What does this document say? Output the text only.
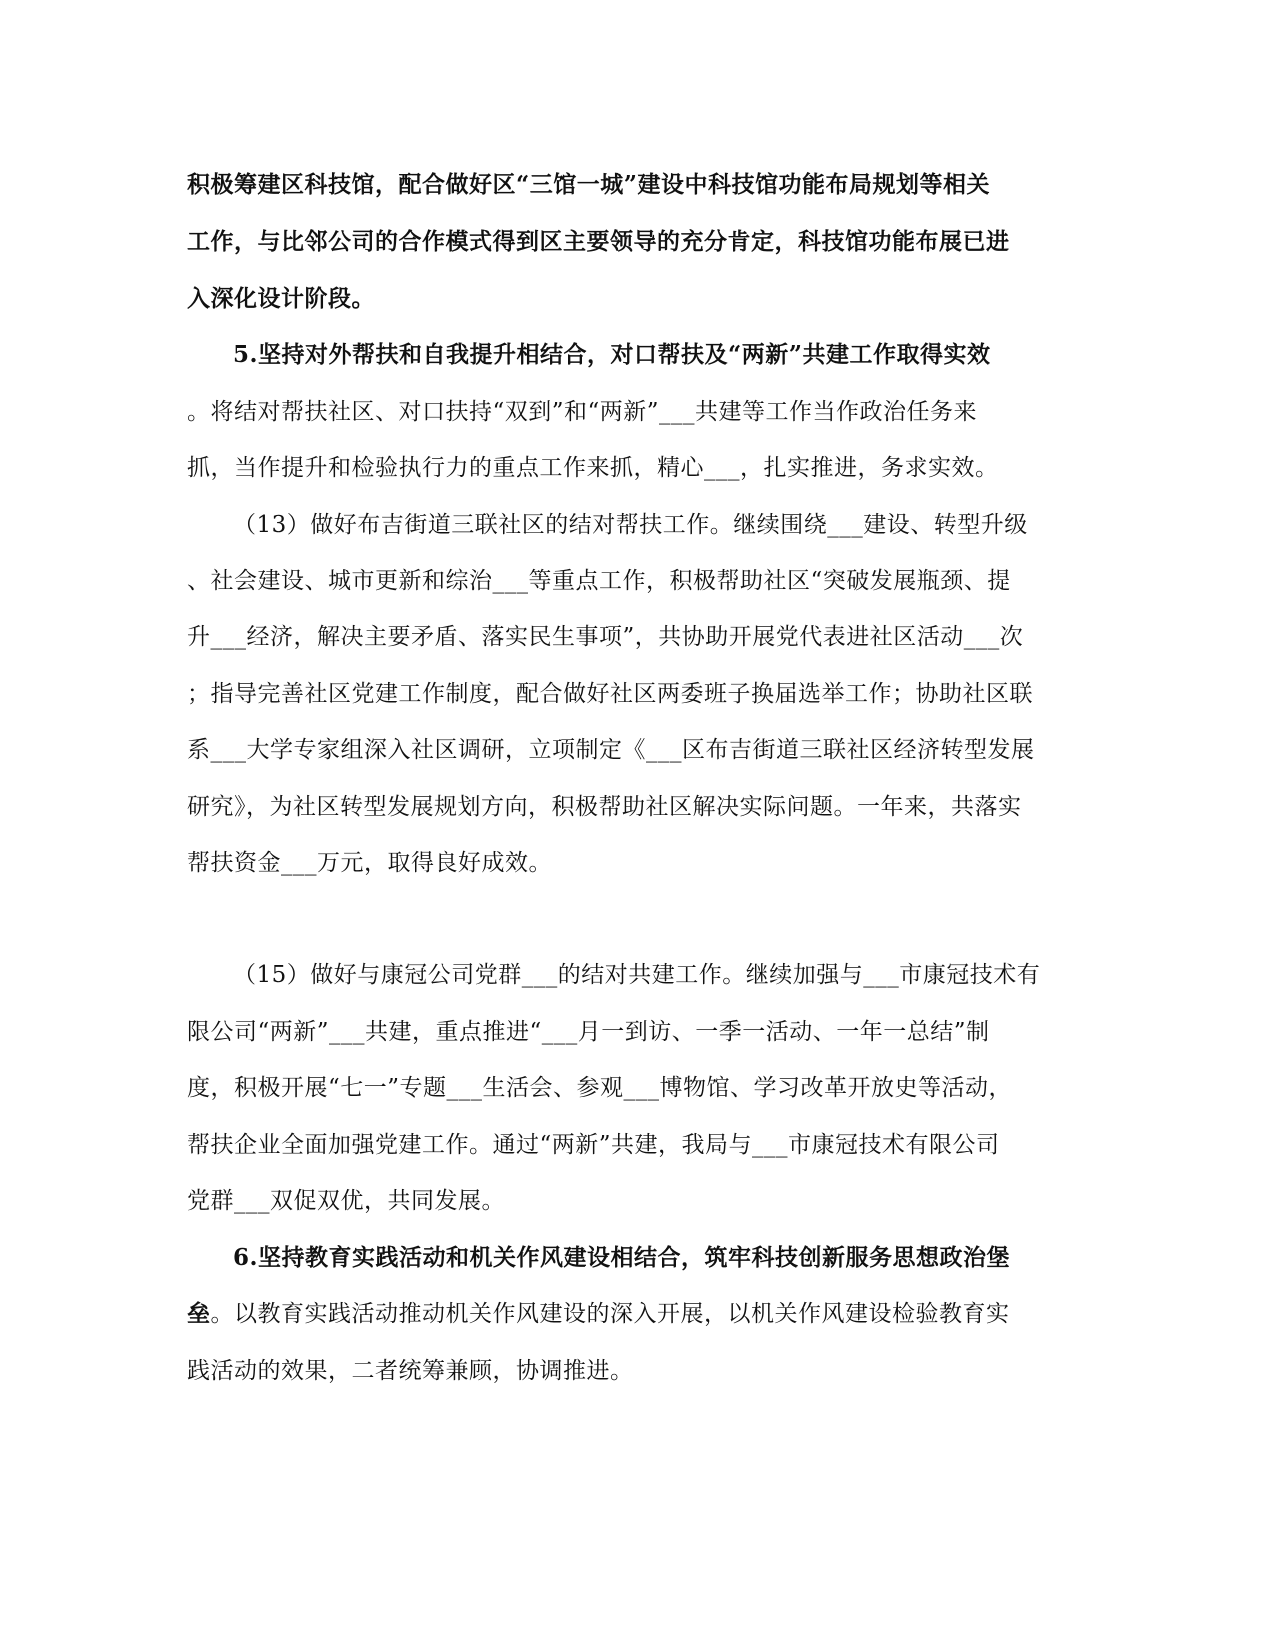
积极筹建区科技馆，配合做好区“三馆一城”建设中科技馆功能布局规划等相关
工作，与比邻公司的合作模式得到区主要领导的充分肯定，科技馆功能布展已进
入深化设计阶段。
5.坚持对外帮扶和自我提升相结合，对口帮扶及“两新”共建工作取得实效
。将结对帮扶社区、对口扶持“双到”和“两新”___共建等工作当作政治任务来
抓，当作提升和检验执行力的重点工作来抓，精心___，扎实推进，务求实效。
（13）做好布吉街道三联社区的结对帮扶工作。继续围绕___建设、转型升级
、社会建设、城市更新和综治___等重点工作，积极帮助社区“突破发展瓶颈、提
升___经济，解决主要矛盾、落实民生事项”，共协助开展党代表进社区活动___次
；指导完善社区党建工作制度，配合做好社区两委班子换届选举工作；协助社区联
系___大学专家组深入社区调研，立项制定《___区布吉街道三联社区经济转型发展
研究》，为社区转型发展规划方向，积极帮助社区解决实际问题。一年来，共落实
帮扶资金___万元，取得良好成效。
（15）做好与康冠公司党群___的结对共建工作。继续加强与___市康冠技术有
限公司“两新”___共建，重点推进“___月一到访、一季一活动、一年一总结”制
度，积极开展“七一”专题___生活会、参观___博物馆、学习改革开放史等活动，
帮扶企业全面加强党建工作。通过“两新”共建，我局与___市康冠技术有限公司
党群___双促双优，共同发展。
6.坚持教育实践活动和机关作风建设相结合，筑牢科技创新服务思想政治堡
垒。以教育实践活动推动机关作风建设的深入开展，以机关作风建设检验教育实
践活动的效果，二者统筹兼顾，协调推进。
